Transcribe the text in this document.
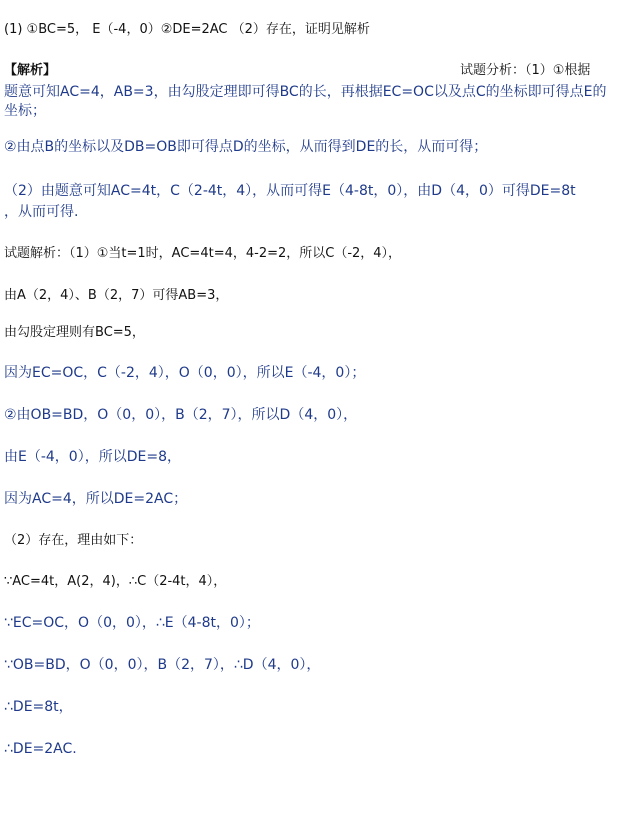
(1) ①BC=5， E（-4，0）②DE=2AC （2）存在，证明见解析
【解析】	试题分析：（1）①根据
题意可知AC=4，AB=3，由勾股定理即可得BC的长，再根据EC=OC以及点C的坐标即可得点E的
坐标；
②由点B的坐标以及DB=OB即可得点D的坐标，从而得到DE的长，从而可得；
（2）由题意可知AC=4t，C（2-4t，4），从而可得E（4-8t，0），由D（4，0）可得DE=8t
，从而可得.
试题解析：（1）①当t=1时，AC=4t=4，4-2=2，所以C（-2，4），
由A（2，4）、B（2，7）可得AB=3，
由勾股定理则有BC=5，
因为EC=OC，C（-2，4），O（0，0），所以E（-4，0）；
②由OB=BD，O（0，0），B（2，7），所以D（4，0），
由E（-4，0），所以DE=8，
因为AC=4，所以DE=2AC；
（2）存在，理由如下：
∵AC=4t，A(2，4)，∴C（2-4t，4），
∵EC=OC，O（0，0），∴E（4-8t，0）；
∵OB=BD，O（0，0），B（2，7），∴D（4，0），
∴DE=8t，
∴DE=2AC.
